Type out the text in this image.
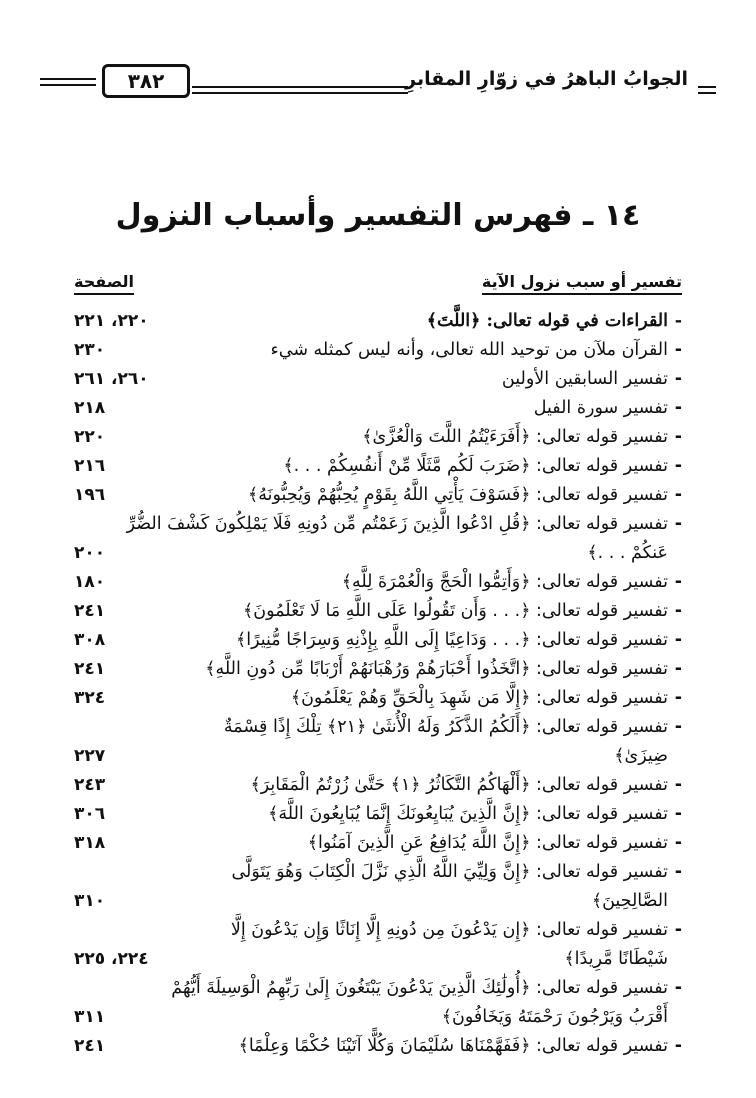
الجوابُ الباهرُ في زوّارِ المقابرِ
٣٨٢
١٤ ـ فهرس التفسير وأسباب النزول
تفسير أو سبب نزول الآية
الصفحة
- القراءات في قوله تعالى: ﴿اللَّتَ﴾
٢٢٠، ٢٢١
- القرآن ملآن من توحيد الله تعالى، وأنه ليس كمثله شيء
٢٣٠
- تفسير السابقين الأولين
٢٦٠، ٢٦١
- تفسير سورة الفيل
٢١٨
- تفسير قوله تعالى: ﴿أَفَرَءَيْتُمُ اللَّتَ وَالْعُزَّىٰ﴾
٢٢٠
- تفسير قوله تعالى: ﴿ضَرَبَ لَكُم مَّثَلًا مِّنْ أَنفُسِكُمْ . . .﴾
٢١٦
- تفسير قوله تعالى: ﴿فَسَوْفَ يَأْتِي اللَّهُ بِقَوْمٍ يُحِبُّهُمْ وَيُحِبُّونَهُ﴾
١٩٦
- تفسير قوله تعالى: ﴿قُلِ ادْعُوا الَّذِينَ زَعَمْتُم مِّن دُونِهِ فَلَا يَمْلِكُونَ كَشْفَ الضُّرِّ
عَنكُمْ . . .﴾
٢٠٠
- تفسير قوله تعالى: ﴿وَأَتِمُّوا الْحَجَّ وَالْعُمْرَةَ لِلَّهِ﴾
١٨٠
- تفسير قوله تعالى: ﴿. . . وَأَن تَقُولُوا عَلَى اللَّهِ مَا لَا تَعْلَمُونَ﴾
٢٤١
- تفسير قوله تعالى: ﴿. . . وَدَاعِيًا إِلَى اللَّهِ بِإِذْنِهِ وَسِرَاجًا مُّنِيرًا﴾
٣٠٨
- تفسير قوله تعالى: ﴿اتَّخَذُوا أَحْبَارَهُمْ وَرُهْبَانَهُمْ أَرْبَابًا مِّن دُونِ اللَّهِ﴾
٢٤١
- تفسير قوله تعالى: ﴿إِلَّا مَن شَهِدَ بِالْحَقِّ وَهُمْ يَعْلَمُونَ﴾
٣٢٤
- تفسير قوله تعالى: ﴿أَلَكُمُ الذَّكَرُ وَلَهُ الْأُنثَىٰ ﴿٢١﴾ تِلْكَ إِذًا قِسْمَةٌ ضِيزَىٰ﴾
٢٢٧
- تفسير قوله تعالى: ﴿أَلْهَاكُمُ التَّكَاثُرُ ﴿١﴾ حَتَّىٰ زُرْتُمُ الْمَقَابِرَ﴾
٢٤٣
- تفسير قوله تعالى: ﴿إِنَّ الَّذِينَ يُبَايِعُونَكَ إِنَّمَا يُبَايِعُونَ اللَّهَ﴾
٣٠٦
- تفسير قوله تعالى: ﴿إِنَّ اللَّهَ يُدَافِعُ عَنِ الَّذِينَ آمَنُوا﴾
٣١٨
- تفسير قوله تعالى: ﴿إِنَّ وَلِيِّيَ اللَّهُ الَّذِي نَزَّلَ الْكِتَابَ وَهُوَ يَتَوَلَّى الصَّالِحِينَ﴾
٣١٠
- تفسير قوله تعالى: ﴿إِن يَدْعُونَ مِن دُونِهِ إِلَّا إِنَاثًا وَإِن يَدْعُونَ إِلَّا
شَيْطَانًا مَّرِيدًا﴾
٢٢٤، ٢٢٥
- تفسير قوله تعالى: ﴿أُولَٰئِكَ الَّذِينَ يَدْعُونَ يَبْتَغُونَ إِلَىٰ رَبِّهِمُ الْوَسِيلَةَ أَيُّهُمْ
أَقْرَبُ وَيَرْجُونَ رَحْمَتَهُ وَيَخَافُونَ﴾
٣١١
- تفسير قوله تعالى: ﴿فَفَهَّمْنَاهَا سُلَيْمَانَ وَكُلًّا آتَيْنَا حُكْمًا وَعِلْمًا﴾
٢٤١
